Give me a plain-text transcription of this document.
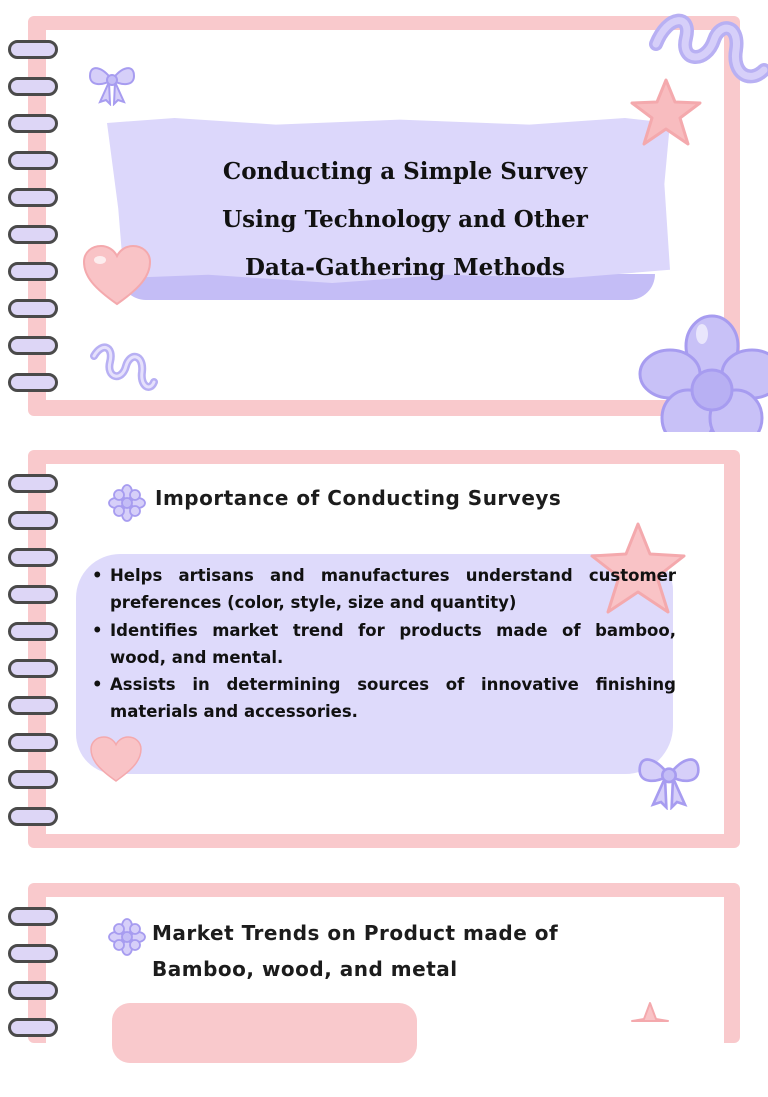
Conducting a Simple Survey
Using Technology and Other
Data-Gathering Methods
Importance of Conducting Surveys
• Helps artisans and manufactures understand customer preferences (color, style, size and quantity)
• Identifies market trend for products made of bamboo, wood, and mental.
• Assists in determining sources of innovative finishing materials and accessories.
Market Trends on Product made of
Bamboo, wood, and metal
